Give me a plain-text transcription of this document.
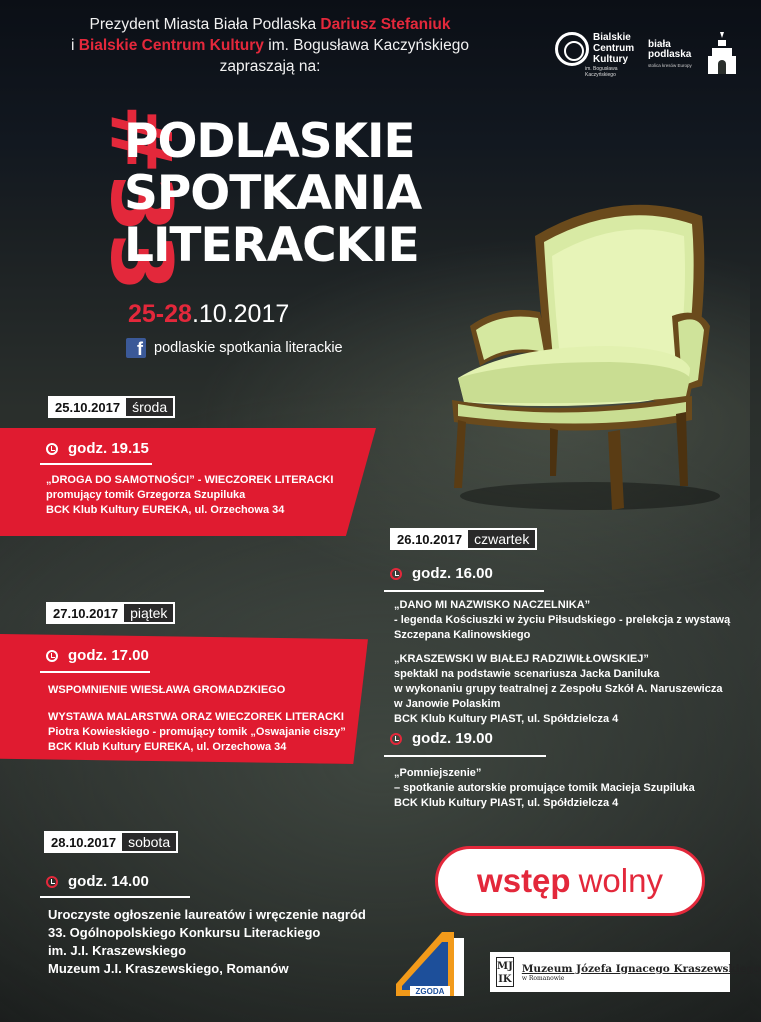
Prezydent Miasta Biała Podlaska Dariusz Stefaniuk
i Bialskie Centrum Kultury im. Bogusława Kaczyńskiego
zapraszają na:
Bialskie
Centrum
Kultury
im. Bogusława Kaczyńskiego
biała
podlaska
stolica kresów Europy
#33
PODLASKIE
SPOTKANIA
LITERACKIE
25-28.10.2017
f
podlaskie spotkania literackie
25.10.2017 środa
godz. 19.15
„DROGA DO SAMOTNOŚCI” - WIECZOREK LITERACKI
promujący tomik Grzegorza Szupiluka
BCK Klub Kultury EUREKA, ul. Orzechowa 34
26.10.2017 czwartek
godz. 16.00
„DANO MI NAZWISKO NACZELNIKA”
- legenda Kościuszki w życiu Piłsudskiego - prelekcja z wystawą
Szczepana Kalinowskiego
„KRASZEWSKI W BIAŁEJ RADZIWIŁŁOWSKIEJ”
spektakl na podstawie scenariusza Jacka Daniluka
w wykonaniu grupy teatralnej z Zespołu Szkół A. Naruszewicza
w Janowie Polaskim
BCK Klub Kultury PIAST, ul. Spółdzielcza 4
godz. 19.00
„Pomniejszenie”
– spotkanie autorskie promujące tomik Macieja Szupiluka
BCK Klub Kultury PIAST, ul. Spółdzielcza 4
27.10.2017 piątek
godz. 17.00
WSPOMNIENIE WIESŁAWA GROMADZKIEGO
WYSTAWA MALARSTWA ORAZ WIECZOREK LITERACKI
Piotra Kowieskiego - promujący tomik „Oswajanie ciszy”
BCK Klub Kultury EUREKA, ul. Orzechowa 34
28.10.2017 sobota
godz. 14.00
Uroczyste ogłoszenie laureatów i wręczenie nagród
33. Ogólnopolskiego Konkursu Literackiego
im. J.I. Kraszewskiego
Muzeum J.I. Kraszewskiego, Romanów
wstęp wolny
ZGODA
MJ
IK
Muzeum Józefa Ignacego Kraszewskiego
w Romanowie
